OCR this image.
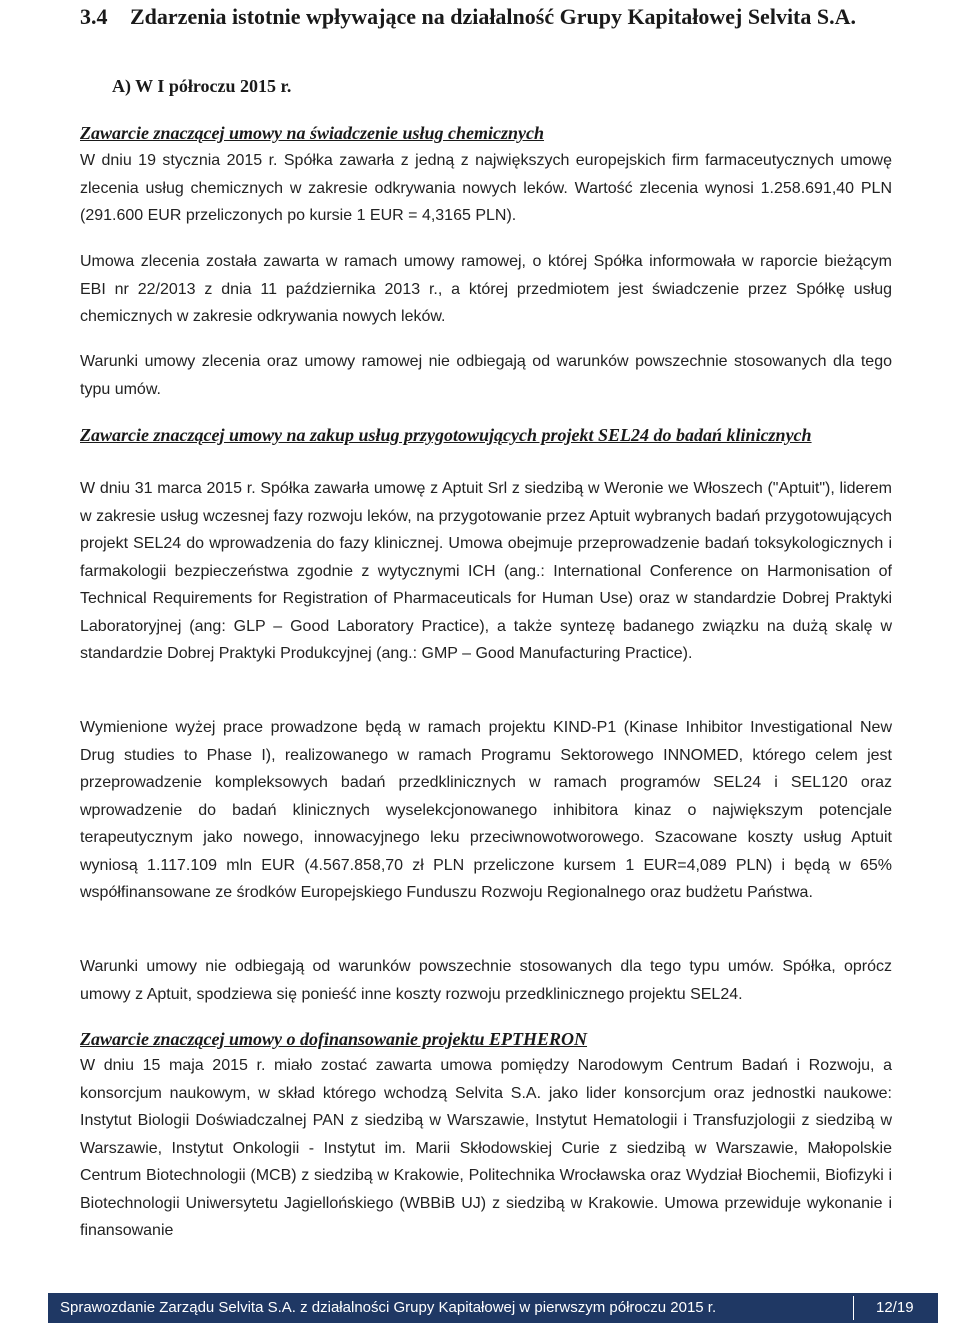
3.4 Zdarzenia istotnie wpływające na działalność Grupy Kapitałowej Selvita S.A.
A) W I półroczu 2015 r.
Zawarcie znaczącej umowy na świadczenie usług chemicznych
W dniu 19 stycznia 2015 r. Spółka zawarła z jedną z największych europejskich firm farmaceutycznych umowę zlecenia usług chemicznych w zakresie odkrywania nowych leków. Wartość zlecenia wynosi 1.258.691,40 PLN (291.600 EUR przeliczonych po kursie 1 EUR = 4,3165 PLN).
Umowa zlecenia została zawarta w ramach umowy ramowej, o której Spółka informowała w raporcie bieżącym EBI nr 22/2013 z dnia 11 października 2013 r., a której przedmiotem jest świadczenie przez Spółkę usług chemicznych w zakresie odkrywania nowych leków.
Warunki umowy zlecenia oraz umowy ramowej nie odbiegają od warunków powszechnie stosowanych dla tego typu umów.
Zawarcie znaczącej umowy na zakup usług przygotowujących projekt SEL24 do badań klinicznych
W dniu 31 marca 2015 r. Spółka zawarła umowę z Aptuit Srl z siedzibą w Weronie we Włoszech ("Aptuit"), liderem w zakresie usług wczesnej fazy rozwoju leków, na przygotowanie przez Aptuit wybranych badań przygotowujących projekt SEL24 do wprowadzenia do fazy klinicznej. Umowa obejmuje przeprowadzenie badań toksykologicznych i farmakologii bezpieczeństwa zgodnie z wytycznymi ICH (ang.: International Conference on Harmonisation of Technical Requirements for Registration of Pharmaceuticals for Human Use) oraz w standardzie Dobrej Praktyki Laboratoryjnej (ang: GLP – Good Laboratory Practice), a także syntezę badanego związku na dużą skalę w standardzie Dobrej Praktyki Produkcyjnej (ang.: GMP – Good Manufacturing Practice).
Wymienione wyżej prace prowadzone będą w ramach projektu KIND-P1 (Kinase Inhibitor Investigational New Drug studies to Phase I), realizowanego w ramach Programu Sektorowego INNOMED, którego celem jest przeprowadzenie kompleksowych badań przedklinicznych w ramach programów SEL24 i SEL120 oraz wprowadzenie do badań klinicznych wyselekcjonowanego inhibitora kinaz o największym potencjale terapeutycznym jako nowego, innowacyjnego leku przeciwnowotworowego. Szacowane koszty usług Aptuit wyniosą 1.117.109 mln EUR (4.567.858,70 zł PLN przeliczone kursem 1 EUR=4,089 PLN) i będą w 65% współfinansowane ze środków Europejskiego Funduszu Rozwoju Regionalnego oraz budżetu Państwa.
Warunki umowy nie odbiegają od warunków powszechnie stosowanych dla tego typu umów. Spółka, oprócz umowy z Aptuit, spodziewa się ponieść inne koszty rozwoju przedklinicznego projektu SEL24.
Zawarcie znaczącej umowy o dofinansowanie projektu EPTHERON
W dniu 15 maja 2015 r. miało zostać zawarta umowa pomiędzy Narodowym Centrum Badań i Rozwoju, a konsorcjum naukowym, w skład którego wchodzą Selvita S.A. jako lider konsorcjum oraz jednostki naukowe: Instytut Biologii Doświadczalnej PAN z siedzibą w Warszawie, Instytut Hematologii i Transfuzjologii z siedzibą w Warszawie, Instytut Onkologii - Instytut im. Marii Skłodowskiej Curie z siedzibą w Warszawie, Małopolskie Centrum Biotechnologii (MCB) z siedzibą w Krakowie, Politechnika Wrocławska oraz Wydział Biochemii, Biofizyki i Biotechnologii Uniwersytetu Jagiellońskiego (WBBiB UJ) z siedzibą w Krakowie. Umowa przewiduje wykonanie i finansowanie
Sprawozdanie Zarządu Selvita S.A. z działalności Grupy Kapitałowej w pierwszym półroczu 2015 r.	12/19
